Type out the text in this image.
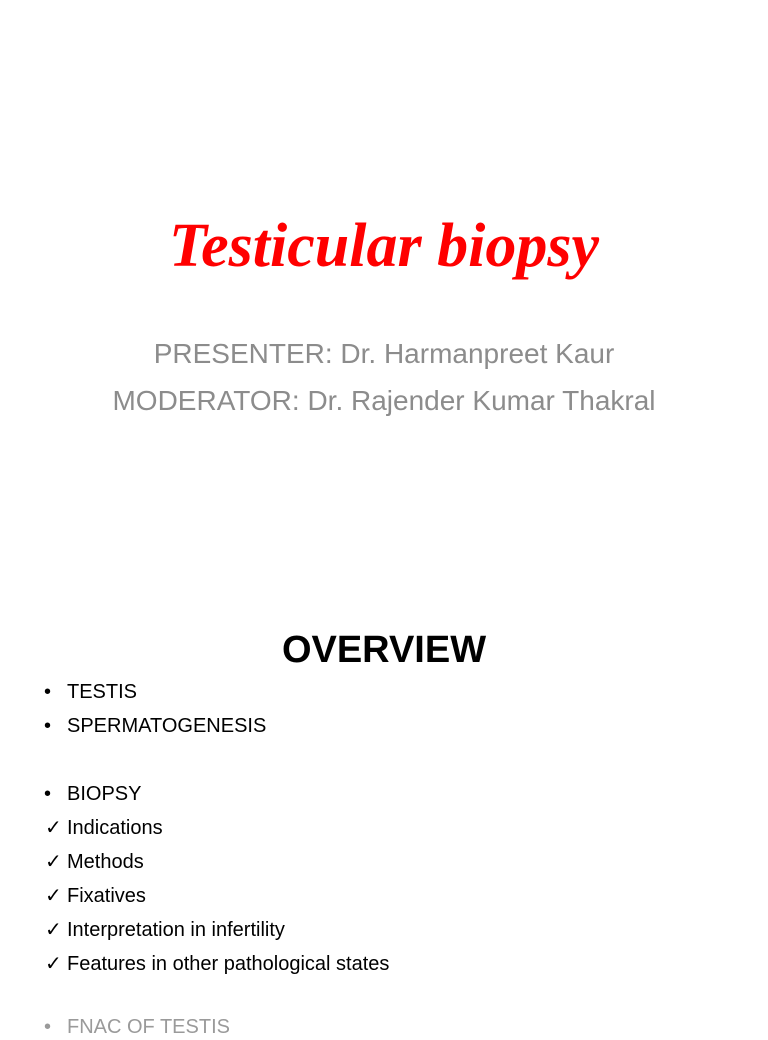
Testicular biopsy

PRESENTER: Dr. Harmanpreet Kaur

MODERATOR: Dr. Rajender Kumar Thakral

OVERVIEW
• TESTIS
• SPERMATOGENESIS
• BIOPSY
✓ Indications
✓ Methods
✓ Fixatives
✓ Interpretation in infertility
✓ Features in other pathological states
• FNAC OF TESTIS
